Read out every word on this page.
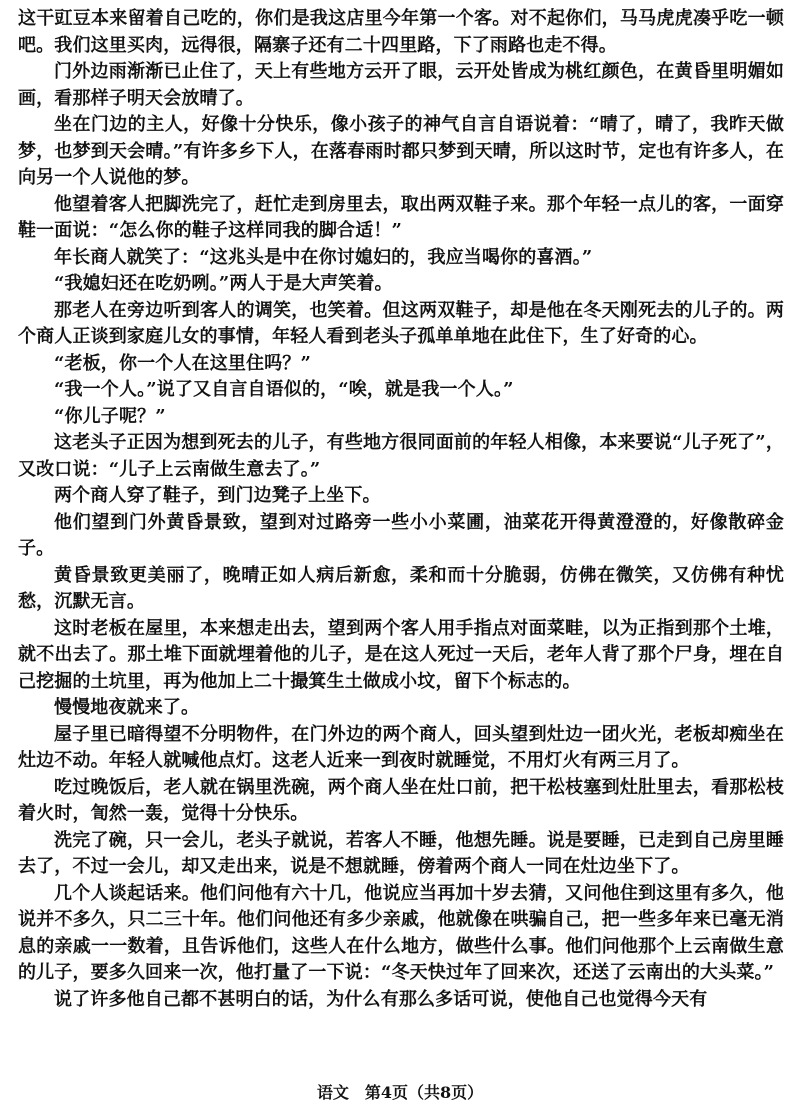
这干豇豆本来留着自己吃的，你们是我这店里今年第一个客。对不起你们，马马虎虎凑乎吃一顿吧。我们这里买肉，远得很，隔寨子还有二十四里路，下了雨路也走不得。

门外边雨渐渐已止住了，天上有些地方云开了眼，云开处皆成为桃红颜色，在黄昏里明媚如画，看那样子明天会放晴了。

坐在门边的主人，好像十分快乐，像小孩子的神气自言自语说着：“晴了，晴了，我昨天做梦，也梦到天会晴。”有许多乡下人，在落春雨时都只梦到天晴，所以这时节，定也有许多人，在向另一个人说他的梦。

他望着客人把脚洗完了，赶忙走到房里去，取出两双鞋子来。那个年轻一点儿的客，一面穿鞋一面说：“怎么你的鞋子这样同我的脚合适！”

年长商人就笑了：“这兆头是中在你讨媳妇的，我应当喝你的喜酒。”

“我媳妇还在吃奶咧。”两人于是大声笑着。

那老人在旁边听到客人的调笑，也笑着。但这两双鞋子，却是他在冬天刚死去的儿子的。两个商人正谈到家庭儿女的事情，年轻人看到老头子孤单单地在此住下，生了好奇的心。

“老板，你一个人在这里住吗？”

“我一个人。”说了又自言自语似的，“唉，就是我一个人。”

“你儿子呢？”

这老头子正因为想到死去的儿子，有些地方很同面前的年轻人相像，本来要说“儿子死了”，又改口说：“儿子上云南做生意去了。”

两个商人穿了鞋子，到门边凳子上坐下。

他们望到门外黄昏景致，望到对过路旁一些小小菜圃，油菜花开得黄澄澄的，好像散碎金子。

黄昏景致更美丽了，晚晴正如人病后新愈，柔和而十分脆弱，仿佛在微笑，又仿佛有种忧愁，沉默无言。

这时老板在屋里，本来想走出去，望到两个客人用手指点对面菜畦，以为正指到那个土堆，就不出去了。那土堆下面就埋着他的儿子，是在这人死过一天后，老年人背了那个尸身，埋在自己挖掘的土坑里，再为他加上二十撮箕生土做成小坟，留下个标志的。

慢慢地夜就来了。

屋子里已暗得望不分明物件，在门外边的两个商人，回头望到灶边一团火光，老板却痴坐在灶边不动。年轻人就喊他点灯。这老人近来一到夜时就睡觉，不用灯火有两三月了。

吃过晚饭后，老人就在锅里洗碗，两个商人坐在灶口前，把干松枝塞到灶肚里去，看那松枝着火时，訇然一轰，觉得十分快乐。

洗完了碗，只一会儿，老头子就说，若客人不睡，他想先睡。说是要睡，已走到自己房里睡去了，不过一会儿，却又走出来，说是不想就睡，傍着两个商人一同在灶边坐下了。

几个人谈起话来。他们问他有六十几，他说应当再加十岁去猜，又问他住到这里有多久，他说并不多久，只二三十年。他们问他还有多少亲戚，他就像在哄骗自己，把一些多年来已毫无消息的亲戚一一数着，且告诉他们，这些人在什么地方，做些什么事。他们问他那个上云南做生意的儿子，要多久回来一次，他打量了一下说：“冬天快过年了回来次，还送了云南出的大头菜。”

说了许多他自己都不甚明白的话，为什么有那么多话可说，使他自己也觉得今天有

语文　第4页（共8页）
